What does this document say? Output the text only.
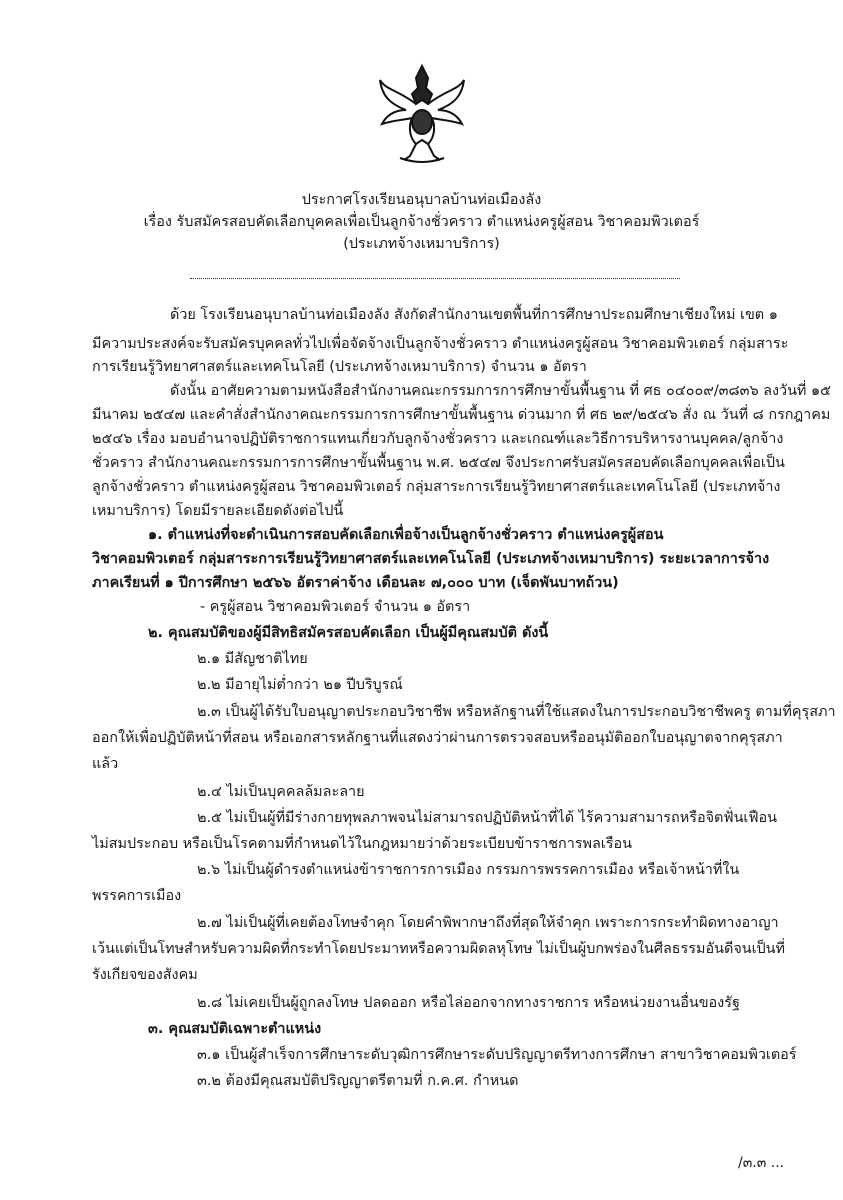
ประกาศโรงเรียนอนุบาลบ้านท่อเมืองลัง
เรื่อง รับสมัครสอบคัดเลือกบุคคลเพื่อเป็นลูกจ้างชั่วคราว ตำแหน่งครูผู้สอน วิชาคอมพิวเตอร์
(ประเภทจ้างเหมาบริการ)
ด้วย โรงเรียนอนุบาลบ้านท่อเมืองลัง สังกัดสำนักงานเขตพื้นที่การศึกษาประถมศึกษาเชียงใหม่ เขต ๑
มีความประสงค์จะรับสมัครบุคคลทั่วไปเพื่อจัดจ้างเป็นลูกจ้างชั่วคราว ตำแหน่งครูผู้สอน วิชาคอมพิวเตอร์ กลุ่มสาระ
การเรียนรู้วิทยาศาสตร์และเทคโนโลยี (ประเภทจ้างเหมาบริการ) จำนวน ๑ อัตรา
ดังนั้น อาศัยความตามหนังสือสำนักงานคณะกรรมการการศึกษาขั้นพื้นฐาน ที่ ศธ ๐๔๐๐๙/๓๘๓๖ ลงวันที่ ๑๕
มีนาคม ๒๕๔๗ และคำสั่งสำนักงาคณะกรรมการการศึกษาขั้นพื้นฐาน ด่วนมาก ที่ ศธ ๒๙/๒๕๔๖ สั่ง ณ วันที่ ๘ กรกฎาคม
๒๕๔๖ เรื่อง มอบอำนาจปฏิบัติราชการแทนเกี่ยวกับลูกจ้างชั่วคราว และเกณฑ์และวิธีการบริหารงานบุคคล/ลูกจ้าง
ชั่วคราว สำนักงานคณะกรรมการการศึกษาขั้นพื้นฐาน พ.ศ. ๒๕๔๗ จึงประกาศรับสมัครสอบคัดเลือกบุคคลเพื่อเป็น
ลูกจ้างชั่วคราว ตำแหน่งครูผู้สอน วิชาคอมพิวเตอร์ กลุ่มสาระการเรียนรู้วิทยาศาสตร์และเทคโนโลยี (ประเภทจ้าง
เหมาบริการ) โดยมีรายละเอียดดังต่อไปนี้
๑. ตำแหน่งที่จะดำเนินการสอบคัดเลือกเพื่อจ้างเป็นลูกจ้างชั่วคราว ตำแหน่งครูผู้สอน
วิชาคอมพิวเตอร์ กลุ่มสาระการเรียนรู้วิทยาศาสตร์และเทคโนโลยี (ประเภทจ้างเหมาบริการ) ระยะเวลาการจ้าง
ภาคเรียนที่ ๑ ปีการศึกษา ๒๕๖๖ อัตราค่าจ้าง เดือนละ ๗,๐๐๐ บาท (เจ็ดพันบาทถ้วน)
- ครูผู้สอน วิชาคอมพิวเตอร์ จำนวน ๑ อัตรา
๒. คุณสมบัติของผู้มีสิทธิสมัครสอบคัดเลือก เป็นผู้มีคุณสมบัติ ดังนี้
๒.๑ มีสัญชาติไทย
๒.๒ มีอายุไม่ต่ำกว่า ๒๑ ปีบริบูรณ์
๒.๓ เป็นผู้ได้รับใบอนุญาตประกอบวิชาชีพ หรือหลักฐานที่ใช้แสดงในการประกอบวิชาชีพครู ตามที่คุรุสภา
ออกให้เพื่อปฏิบัติหน้าที่สอน หรือเอกสารหลักฐานที่แสดงว่าผ่านการตรวจสอบหรืออนุมัติออกใบอนุญาตจากคุรุสภา
แล้ว
๒.๔ ไม่เป็นบุคคลล้มละลาย
๒.๕ ไม่เป็นผู้ที่มีร่างกายทุพลภาพจนไม่สามารถปฏิบัติหน้าที่ได้ ไร้ความสามารถหรือจิตฟั่นเฟือน
ไม่สมประกอบ หรือเป็นโรคตามที่กำหนดไว้ในกฎหมายว่าด้วยระเบียบข้าราชการพลเรือน
๒.๖ ไม่เป็นผู้ดำรงตำแหน่งข้าราชการการเมือง กรรมการพรรคการเมือง หรือเจ้าหน้าที่ใน
พรรคการเมือง
๒.๗ ไม่เป็นผู้ที่เคยต้องโทษจำคุก โดยคำพิพากษาถึงที่สุดให้จำคุก เพราะการกระทำผิดทางอาญา
เว้นแต่เป็นโทษสำหรับความผิดที่กระทำโดยประมาทหรือความผิดลหุโทษ ไม่เป็นผู้บกพร่องในศีลธรรมอันดีจนเป็นที่
รังเกียจของสังคม
๒.๘ ไม่เคยเป็นผู้ถูกลงโทษ ปลดออก หรือไล่ออกจากทางราชการ หรือหน่วยงานอื่นของรัฐ
๓. คุณสมบัติเฉพาะตำแหน่ง
๓.๑ เป็นผู้สำเร็จการศึกษาระดับวุฒิการศึกษาระดับปริญญาตรีทางการศึกษา สาขาวิชาคอมพิวเตอร์
๓.๒ ต้องมีคุณสมบัติปริญญาตรีตามที่ ก.ค.ศ. กำหนด
/๓.๓ ...
